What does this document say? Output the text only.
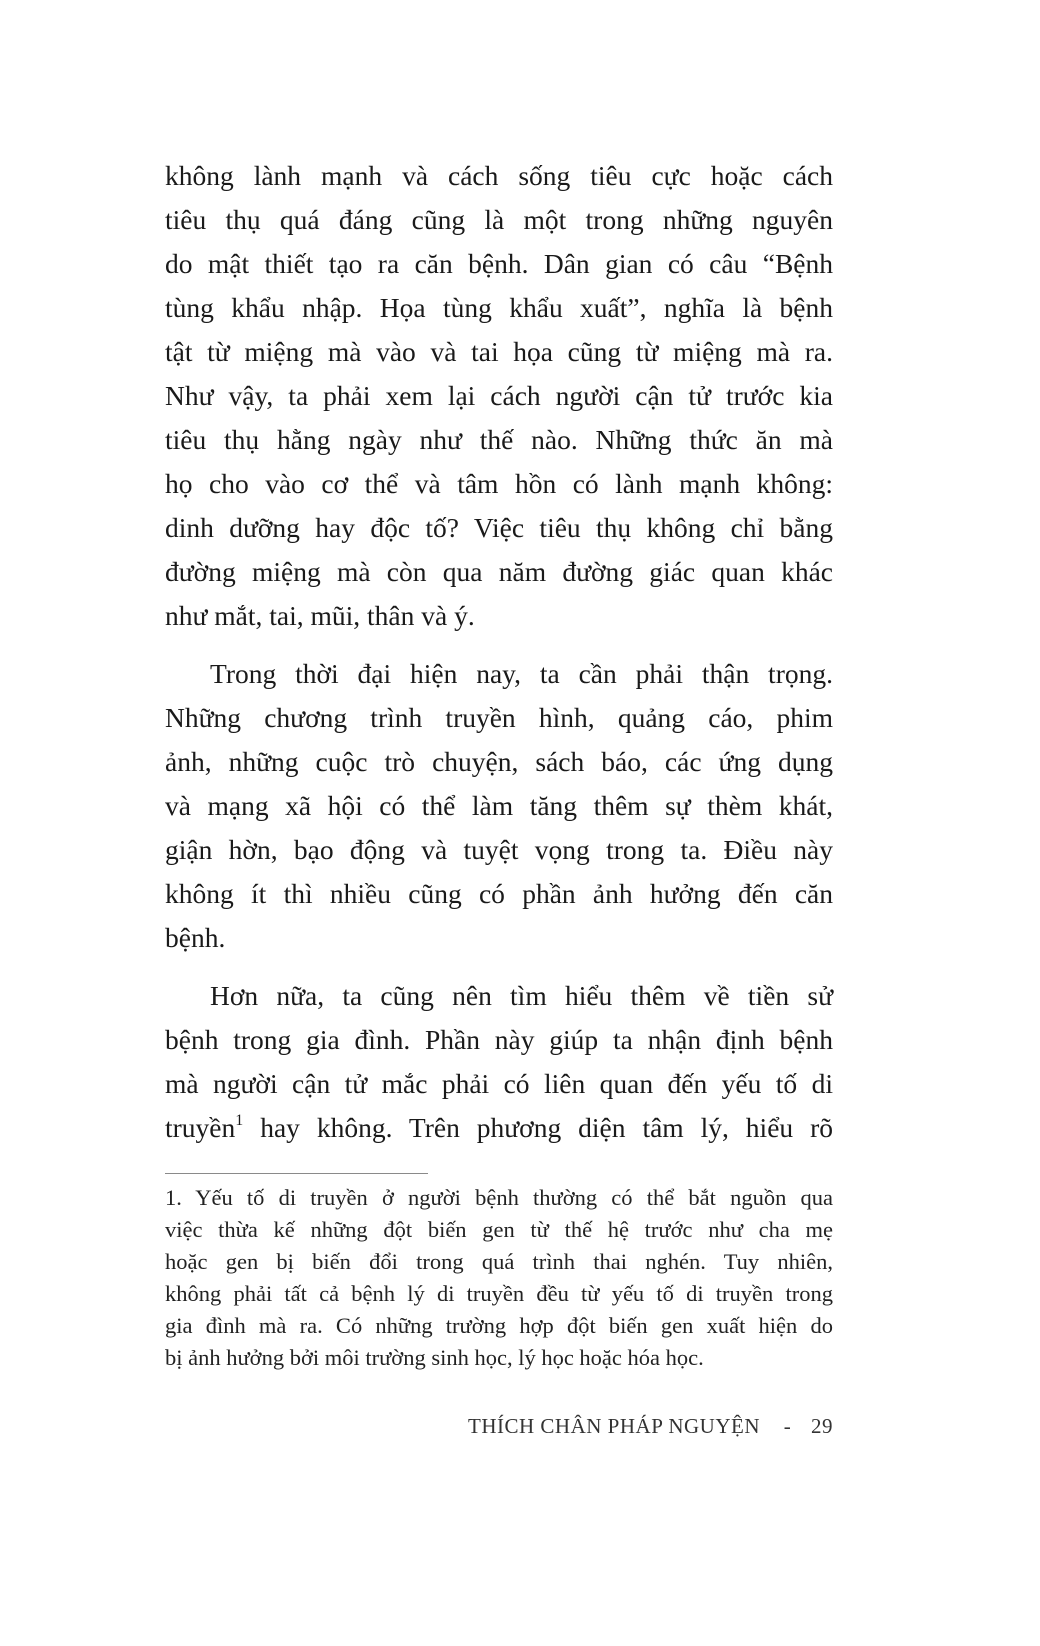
không lành mạnh và cách sống tiêu cực hoặc cách
tiêu thụ quá đáng cũng là một trong những nguyên
do mật thiết tạo ra căn bệnh. Dân gian có câu “Bệnh
tùng khẩu nhập. Họa tùng khẩu xuất”, nghĩa là bệnh
tật từ miệng mà vào và tai họa cũng từ miệng mà ra.
Như vậy, ta phải xem lại cách người cận tử trước kia
tiêu thụ hằng ngày như thế nào. Những thức ăn mà
họ cho vào cơ thể và tâm hồn có lành mạnh không:
dinh dưỡng hay độc tố? Việc tiêu thụ không chỉ bằng
đường miệng mà còn qua năm đường giác quan khác
như mắt, tai, mũi, thân và ý.

Trong thời đại hiện nay, ta cần phải thận trọng.
Những chương trình truyền hình, quảng cáo, phim
ảnh, những cuộc trò chuyện, sách báo, các ứng dụng
và mạng xã hội có thể làm tăng thêm sự thèm khát,
giận hờn, bạo động và tuyệt vọng trong ta. Điều này
không ít thì nhiều cũng có phần ảnh hưởng đến căn
bệnh.

Hơn nữa, ta cũng nên tìm hiểu thêm về tiền sử
bệnh trong gia đình. Phần này giúp ta nhận định bệnh
mà người cận tử mắc phải có liên quan đến yếu tố di
truyền$^1$ hay không. Trên phương diện tâm lý, hiểu rõ

1. Yếu tố di truyền ở người bệnh thường có thể bắt nguồn qua
việc thừa kế những đột biến gen từ thế hệ trước như cha mẹ
hoặc gen bị biến đổi trong quá trình thai nghén. Tuy nhiên,
không phải tất cả bệnh lý di truyền đều từ yếu tố di truyền trong
gia đình mà ra. Có những trường hợp đột biến gen xuất hiện do
bị ảnh hưởng bởi môi trường sinh học, lý học hoặc hóa học.
THÍCH CHÂN PHÁP NGUYỆN - 29
